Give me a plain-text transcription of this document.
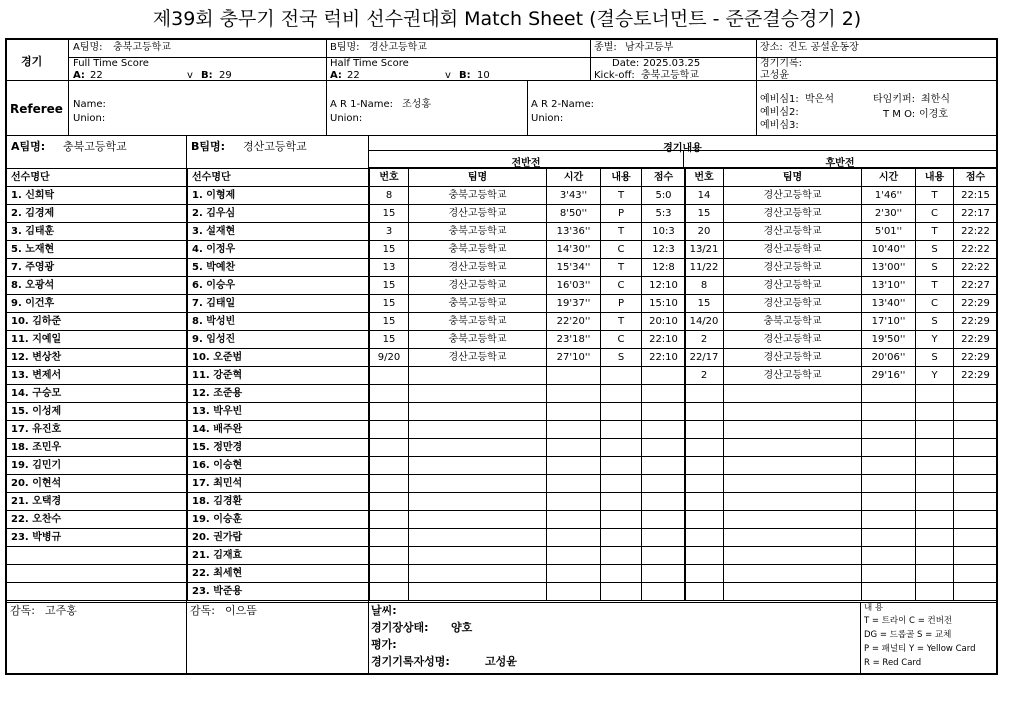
제39회 충무기 전국 럭비 선수권대회 Match Sheet (결승토너먼트 - 준준결승경기 2)
경기
A팀명: 충북고등학교	B팀명: 경산고등학교	종별: 남자고등부	장소: 진도 공설운동장
Full Time Score
A: 22	v B: 29
Half Time Score
A: 22	v B: 10
Date: 2025.03.25
Kick-off: 충북고등학교
경기기록:
고성윤
Referee Name:
Union:
A R 1-Name: 조성홍
Union:
A R 2-Name:
Union:
예비심1: 박은석
예비심2:
예비심3:
타임키퍼: 최한식
T M O: 이경호
A팀명: 충북고등학교	B팀명: 경산고등학교
선수명단
1. 신희탁
2. 김경제
3. 김태훈
5. 노재현
7. 주영광
8. 오광석
9. 이건후
10. 김하준
11. 지예일
12. 변상찬
13. 변제서
14. 구승모
15. 이성제
17. 유진호
18. 조민우
19. 김민기
20. 이현석
21. 오택경
22. 오찬수
23. 박병규

선수명단
1. 이형제
2. 김우심
3. 설재현
4. 이정우
5. 박예찬
6. 이승우
7. 김태일
8. 박성빈
9. 임성진
10. 오준범
11. 강준혁
12. 조준용
13. 박우빈
14. 배주완
15. 정만경
16. 이승현
17. 최민석
18. 김경환
19. 이승훈
20. 권가람
21. 김재효
22. 최세현
23. 박준용
경기내용
전반전	후반전
번호	팀명	시간	내용	점수
8	충북고등학교	3'43''	T	5:0
15	경산고등학교	8'50''	P	5:3
3	충북고등학교	13'36''	T	10:3
15	충북고등학교	14'30''	C	12:3
13	경산고등학교	15'34''	T	12:8
15	경산고등학교	16'03''	C	12:10
15	충북고등학교	19'37''	P	15:10
15	충북고등학교	22'20''	T	20:10
15	충북고등학교	23'18''	C	22:10
9/20	경산고등학교	27'10''	S	22:10

번호	팀명	시간	내용	점수
14	경산고등학교	1'46''	T	22:15
15	경산고등학교	2'30''	C	22:17
20	경산고등학교	5'01''	T	22:22
13/21	경산고등학교	10'40''	S	22:22
11/22	경산고등학교	13'00''	S	22:22
8	경산고등학교	13'10''	T	22:27
15	경산고등학교	13'40''	C	22:29
14/20	충북고등학교	17'10''	S	22:29
2	경산고등학교	19'50''	Y	22:29
22/17	경산고등학교	20'06''	S	22:29
2	경산고등학교	29'16''	Y	22:29

감독: 고주홍	감독: 이으뜸	날씨:
경기장상태: 양호
평가:
경기기록자성명:	고성윤
내 용
T = 트라이 C = 컨버전
DG = 드롭골 S = 교체
P = 패널티 Y = Yellow Card
R = Red Card
